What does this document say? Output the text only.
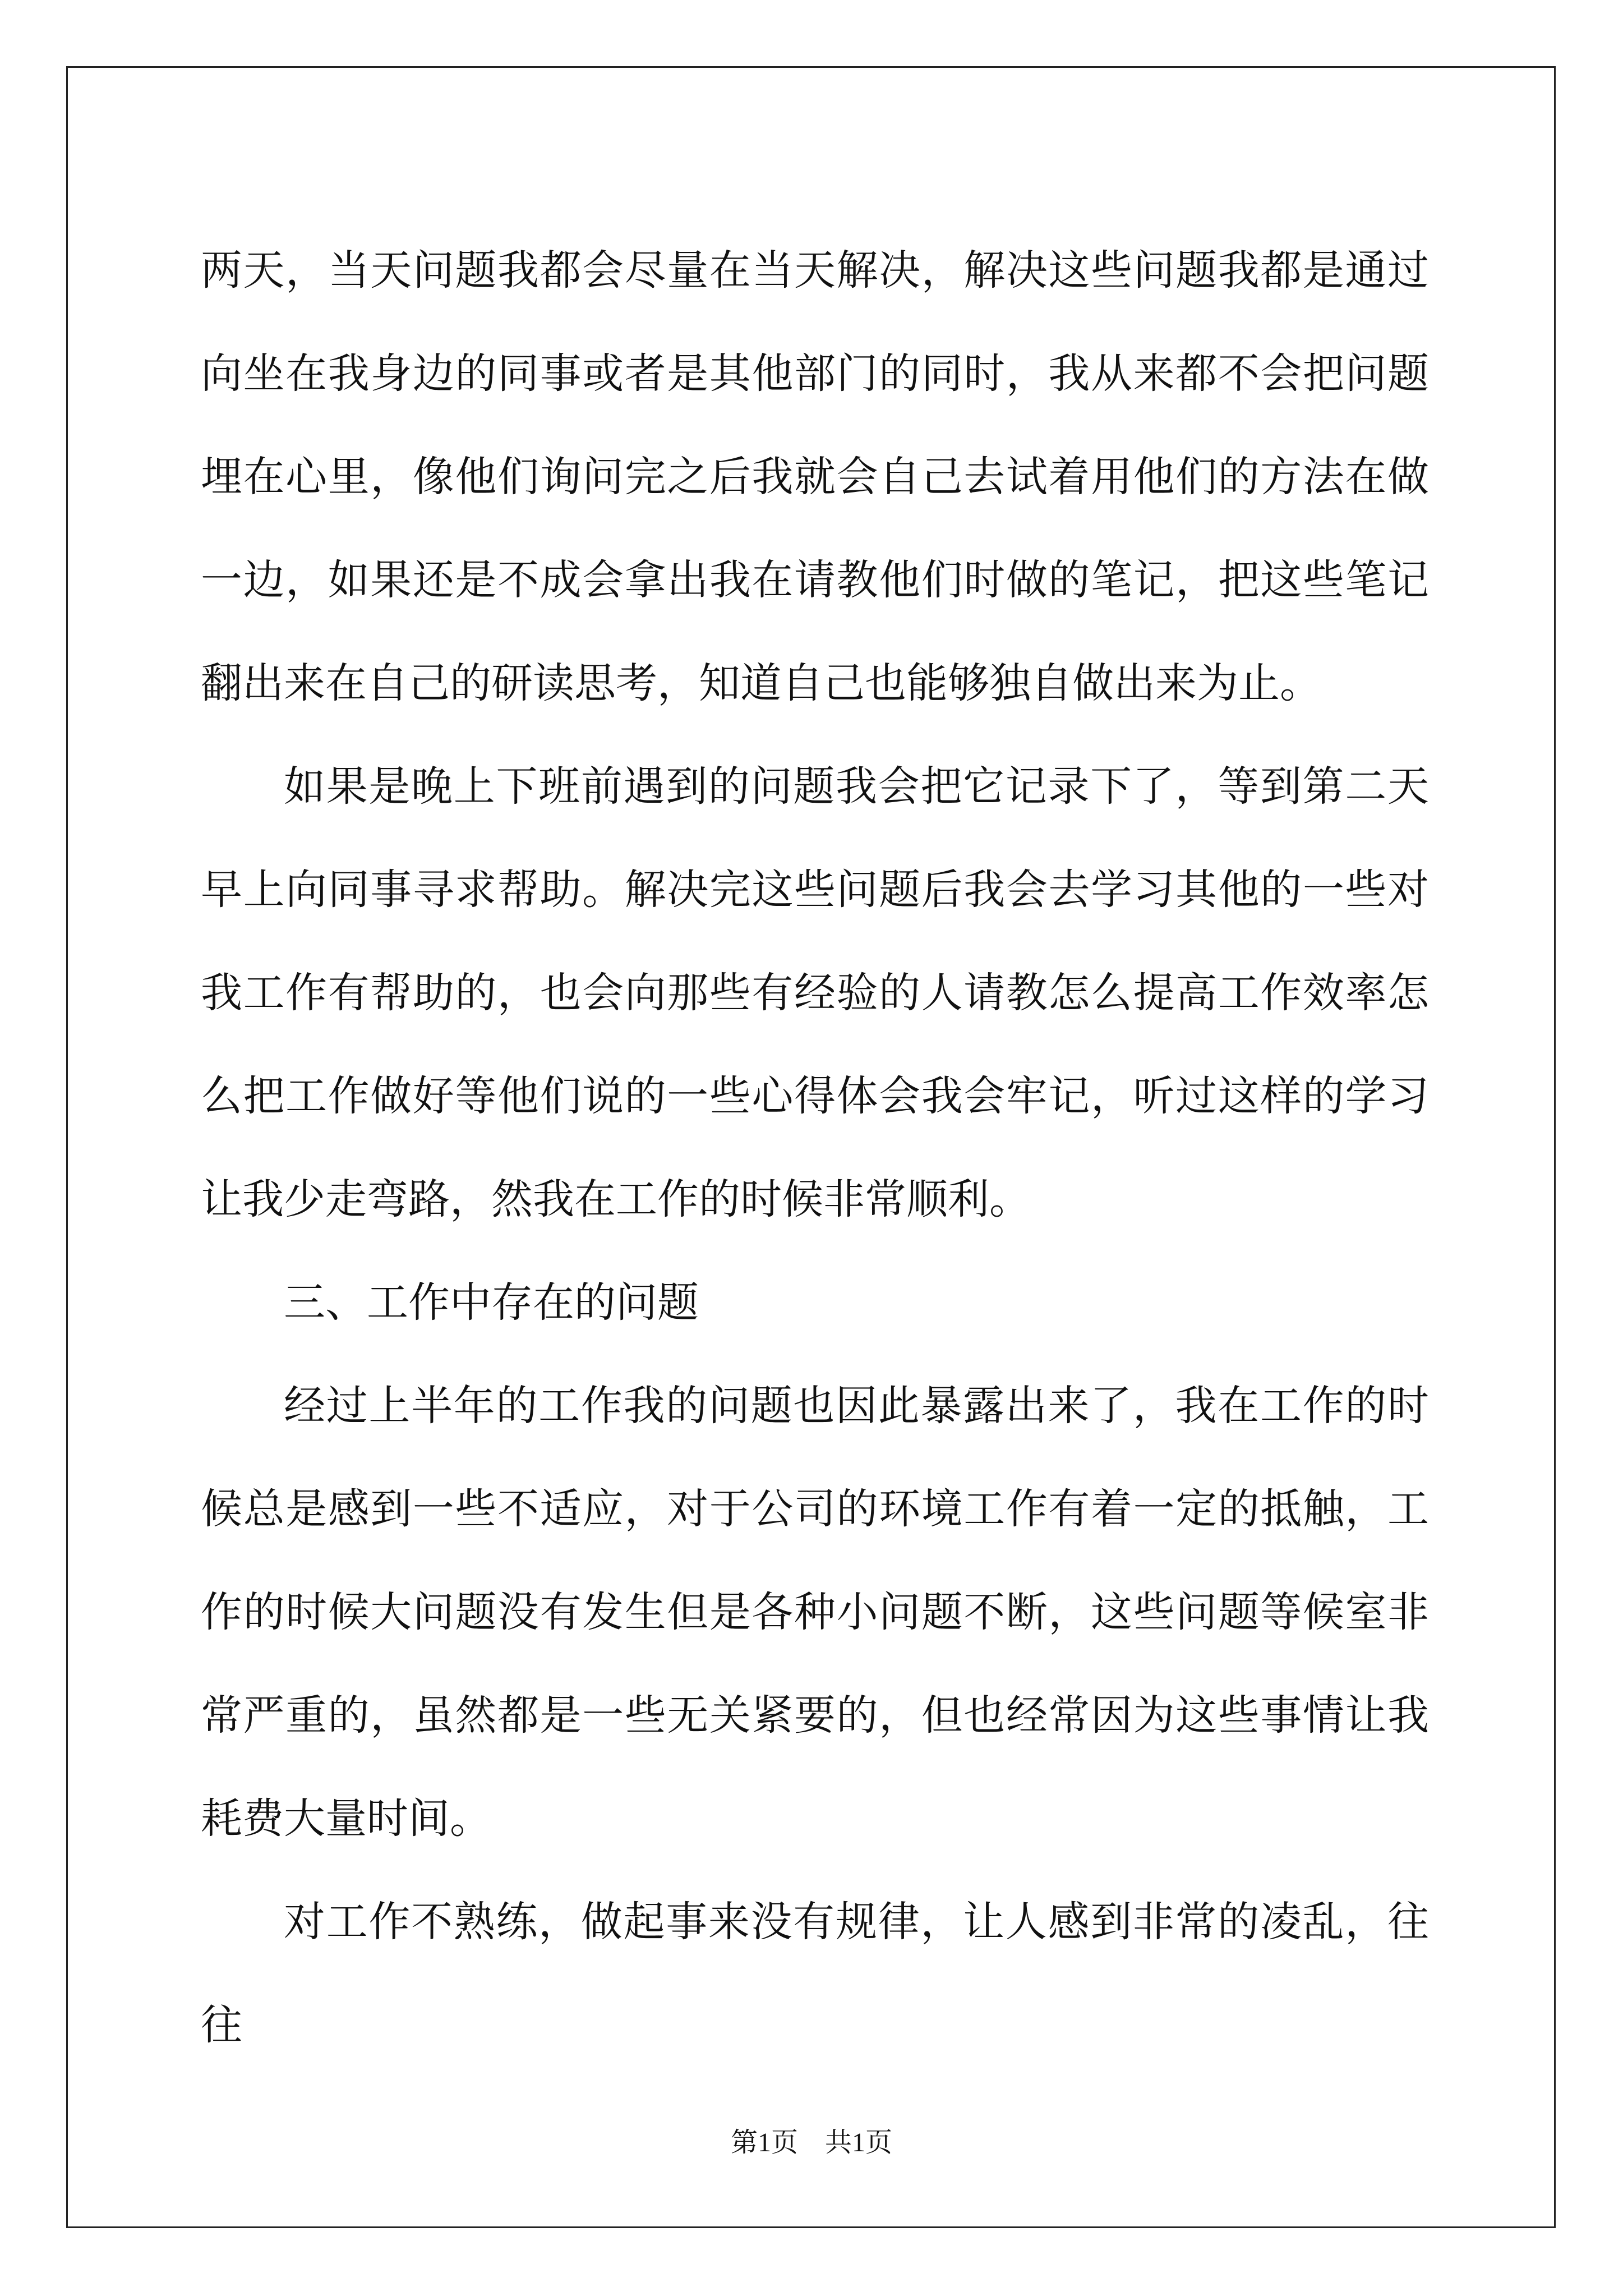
两天，当天问题我都会尽量在当天解决，解决这些问题我都是通过向坐在我身边的同事或者是其他部门的同时，我从来都不会把问题埋在心里，像他们询问完之后我就会自己去试着用他们的方法在做一边，如果还是不成会拿出我在请教他们时做的笔记，把这些笔记翻出来在自己的研读思考，知道自己也能够独自做出来为止。

如果是晚上下班前遇到的问题我会把它记录下了，等到第二天早上向同事寻求帮助。解决完这些问题后我会去学习其他的一些对我工作有帮助的，也会向那些有经验的人请教怎么提高工作效率怎么把工作做好等他们说的一些心得体会我会牢记，听过这样的学习让我少走弯路，然我在工作的时候非常顺利。

三、工作中存在的问题

经过上半年的工作我的问题也因此暴露出来了，我在工作的时候总是感到一些不适应，对于公司的环境工作有着一定的抵触，工作的时候大问题没有发生但是各种小问题不断，这些问题等候室非常严重的，虽然都是一些无关紧要的，但也经常因为这些事情让我耗费大量时间。

对工作不熟练，做起事来没有规律，让人感到非常的凌乱，往往

第1页 共1页
